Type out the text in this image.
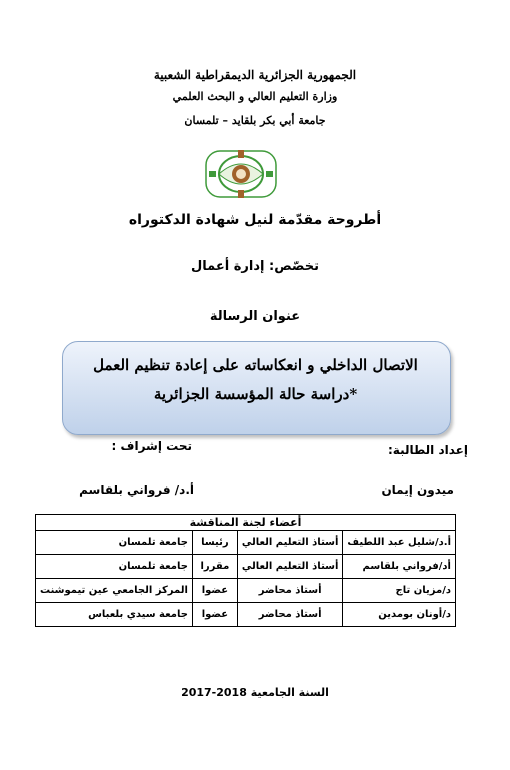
الجمهورية الجزائرية الديمقراطية الشعبية
وزارة التعليم العالي و البحث العلمي
جامعة أبي بكر بلقايد – تلمسان
أطروحة مقدّمة لنيل شهادة الدكتوراه
تخصّص: إدارة أعمال
عنوان الرسالة
الاتصال الداخلي و انعكاساته على إعادة تنظيم العمل
*دراسة حالة المؤسسة الجزائرية
إعداد الطالبة:
تحت إشراف :
ميدون إيمان
أ.د/ فرواني بلقاسم
أعضاء لجنة المناقشة			
أ.د/شليل عبد اللطيف	أستاذ التعليم العالي	رئيسا	جامعة تلمسان
أد/فرواني بلقاسم	أستاذ التعليم العالي	مقررا	جامعة تلمسان
د/مزيان تاج	أستاذ محاضر	عضوا	المركز الجامعي عين تيموشنت
د/أونان بومدين	أستاذ محاضر	عضوا	جامعة سيدي بلعباس
السنة الجامعية 2017-2018
